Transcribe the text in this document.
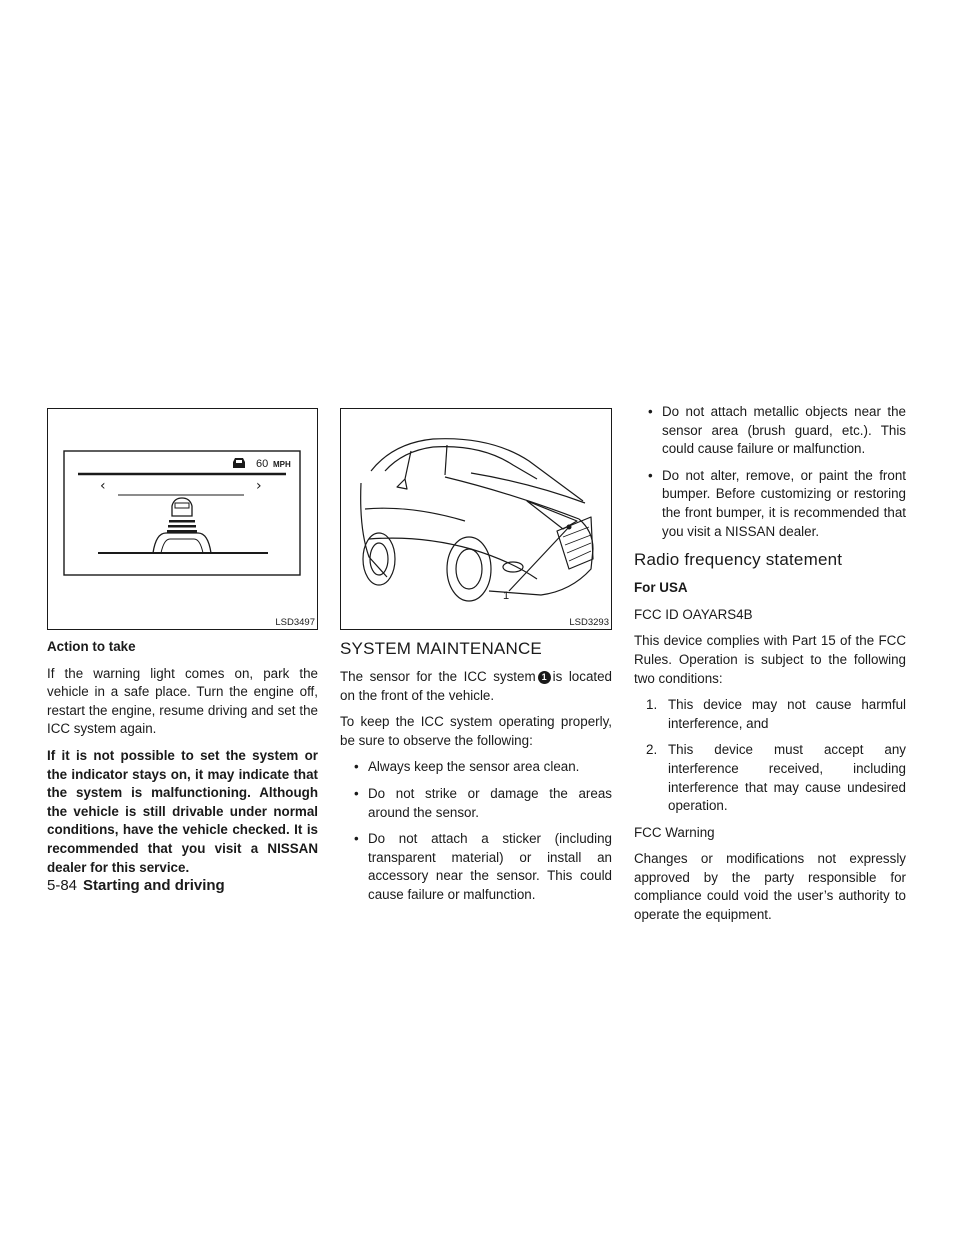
60 MPH
‹	›
LSD3497

Action to take

If the warning light comes on, park the vehicle in a safe place. Turn the engine off, restart the engine, resume driving and set the ICC system again.

If it is not possible to set the system or the indicator stays on, it may indicate that the system is malfunctioning. Although the vehicle is still drivable under normal conditions, have the vehicle checked. It is recommended that you visit a NISSAN dealer for this service.

1
LSD3293
SYSTEM MAINTENANCE

The sensor for the ICC system 1 is located on the front of the vehicle.

To keep the ICC system operating properly, be sure to observe the following:

• Always keep the sensor area clean.
• Do not strike or damage the areas around the sensor.
• Do not attach a sticker (including transparent material) or install an accessory near the sensor. This could cause failure or malfunction.
• Do not attach metallic objects near the sensor area (brush guard, etc.). This could cause failure or malfunction.
• Do not alter, remove, or paint the front bumper. Before customizing or restoring the front bumper, it is recommended that you visit a NISSAN dealer.
Radio frequency statement

For USA

FCC ID OAYARS4B

This device complies with Part 15 of the FCC Rules. Operation is subject to the following two conditions:

1. This device may not cause harmful interference, and
2. This device must accept any interference received, including interference that may cause undesired operation.

FCC Warning

Changes or modifications not expressly approved by the party responsible for compliance could void the user’s authority to operate the equipment.

5-84 Starting and driving
